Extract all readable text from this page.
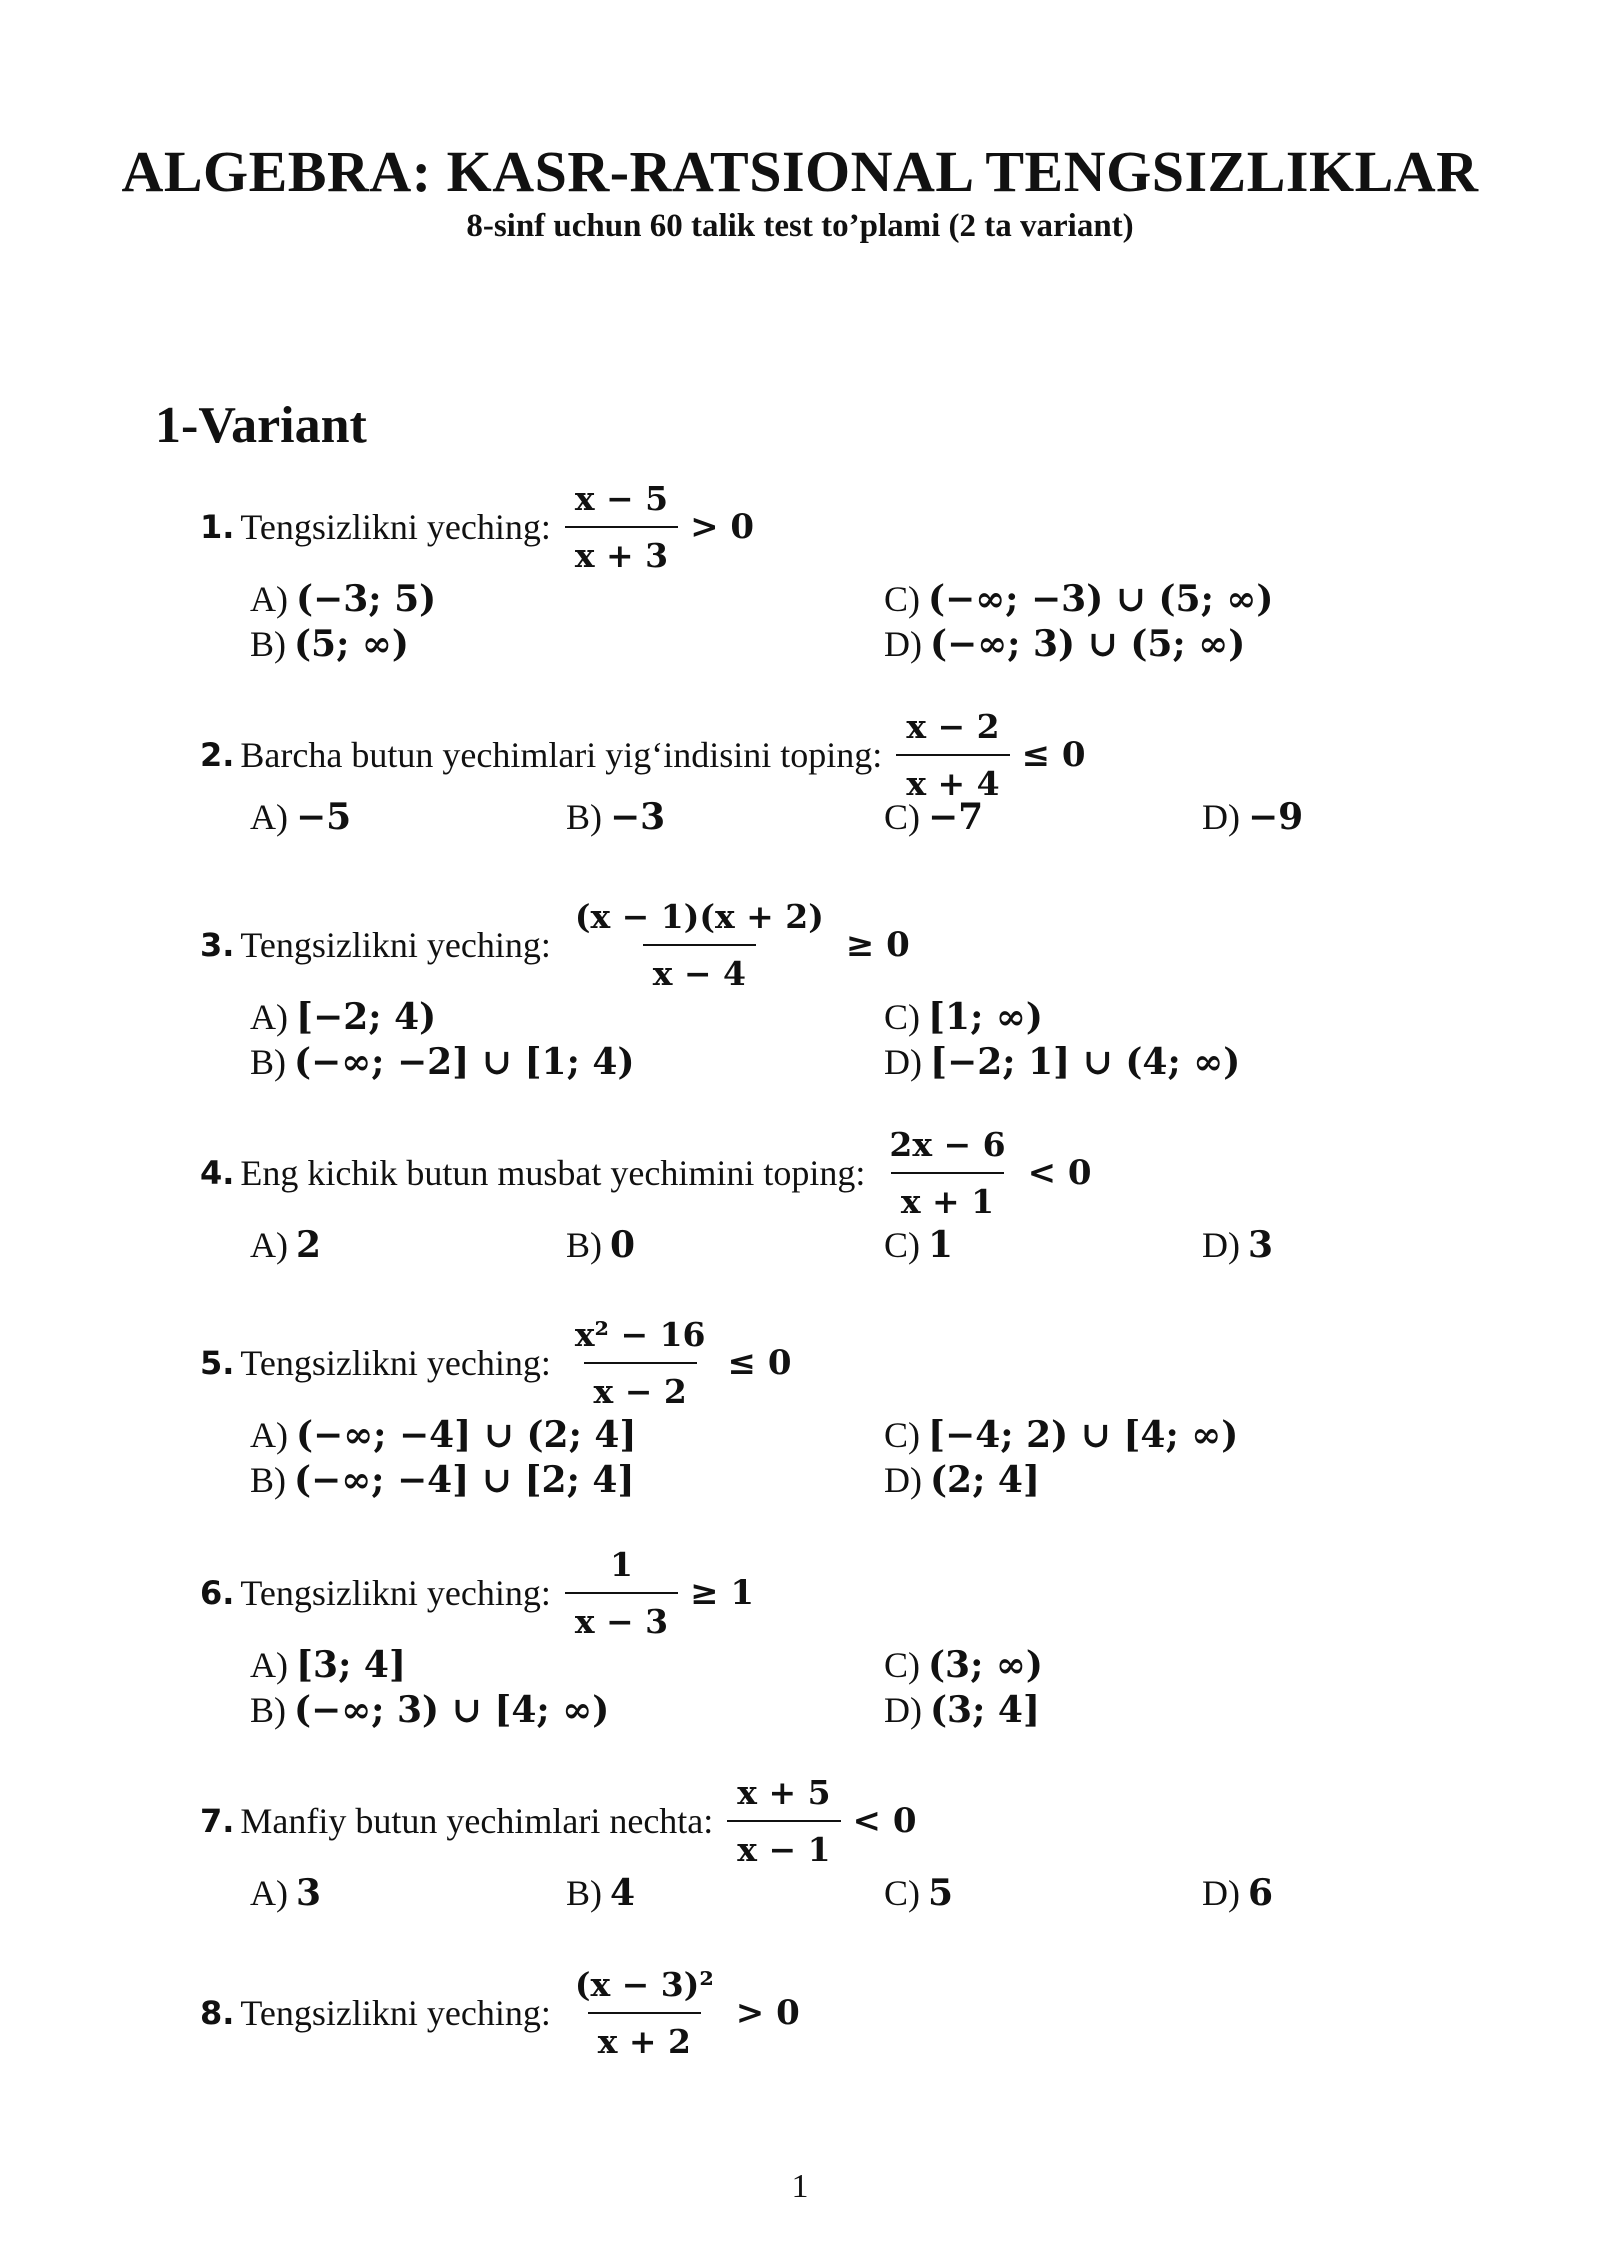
ALGEBRA: KASR-RATSIONAL TENGSIZLIKLAR
8-sinf uchun 60 talik test to’plami (2 ta variant)
1-Variant
1 . Tengsizlikni yeching: $\frac{x - 5}{x + 3} > 0$
A) (−3; 5)
B) (5; ∞)
C) (−∞; −3) ∪ (5; ∞)
D) (−∞; 3) ∪ (5; ∞)
2 . Barcha butun yechimlari yig‘indisini toping: $\frac{x - 2}{x + 4} \le 0$
A) −5	B) −3	C) −7	D) −9
3 . Tengsizlikni yeching: $\frac{(x - 1)(x + 2)}{x - 4} \ge 0$
A) [−2; 4)
B) (−∞; −2] ∪ [1; 4)
C) [1; ∞)
D) [−2; 1] ∪ (4; ∞)
4 . Eng kichik butun musbat yechimini toping: $\frac{2x - 6}{x + 1} < 0$
A) 2	B) 0	C) 1	D) 3
5 . Tengsizlikni yeching: $\frac{\text{x² − 16}}{x - 2} \le 0$
A) (−∞; −4] ∪ (2; 4]
B) (−∞; −4] ∪ [2; 4]
C) [−4; 2) ∪ [4; ∞)
D) (2; 4]
6 . Tengsizlikni yeching: $\frac{1}{x - 3} \ge 1$
A) [3; 4]
B) (−∞; 3) ∪ [4; ∞)
C) (3; ∞)
D) (3; 4]
7 . Manfiy butun yechimlari nechta: $\frac{x + 5}{x - 1} < 0$
A) 3	B) 4	C) 5	D) 6
8 . Tengsizlikni yeching: $\frac{\text{(x − 3)²}}{x + 2} > 0$
1
